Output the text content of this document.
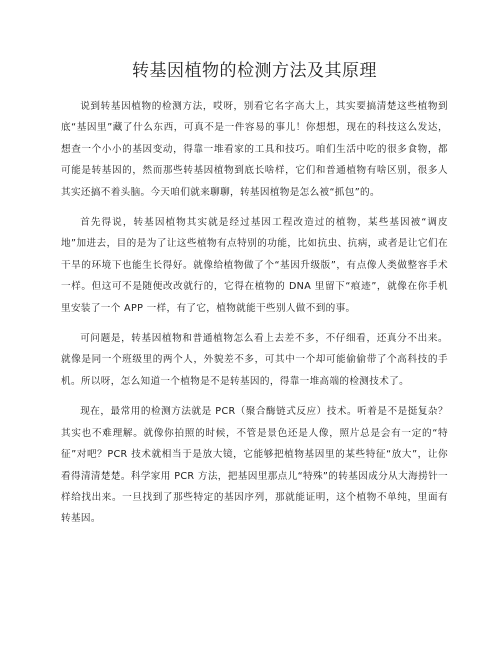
转基因植物的检测方法及其原理

说到转基因植物的检测方法，哎呀，别看它名字高大上，其实要搞清楚这些植物到底“基因里”藏了什么东西，可真不是一件容易的事儿！你想想，现在的科技这么发达，想查一个小小的基因变动，得靠一堆看家的工具和技巧。咱们生活中吃的很多食物，都可能是转基因的，然而那些转基因植物到底长啥样，它们和普通植物有啥区别，很多人其实还搞不着头脑。今天咱们就来聊聊，转基因植物是怎么被“抓包”的。

首先得说，转基因植物其实就是经过基因工程改造过的植物，某些基因被“调皮地”加进去，目的是为了让这些植物有点特别的功能，比如抗虫、抗病，或者是让它们在干旱的环境下也能生长得好。就像给植物做了个“基因升级版”，有点像人类做整容手术一样。但这可不是随便改改就行的，它得在植物的 DNA 里留下“痕迹”，就像在你手机里安装了一个 APP 一样，有了它，植物就能干些别人做不到的事。

可问题是，转基因植物和普通植物怎么看上去差不多，不仔细看，还真分不出来。就像是同一个班级里的两个人，外貌差不多，可其中一个却可能偷偷带了个高科技的手机。所以呀，怎么知道一个植物是不是转基因的，得靠一堆高端的检测技术了。

现在，最常用的检测方法就是 PCR（聚合酶链式反应）技术。听着是不是挺复杂？其实也不难理解。就像你拍照的时候，不管是景色还是人像，照片总是会有一定的“特征”对吧？PCR 技术就相当于是放大镜，它能够把植物基因里的某些特征“放大”，让你看得清清楚楚。科学家用 PCR 方法，把基因里那点儿“特殊”的转基因成分从大海捞针一样给找出来。一旦找到了那些特定的基因序列，那就能证明，这个植物不单纯，里面有转基因。
